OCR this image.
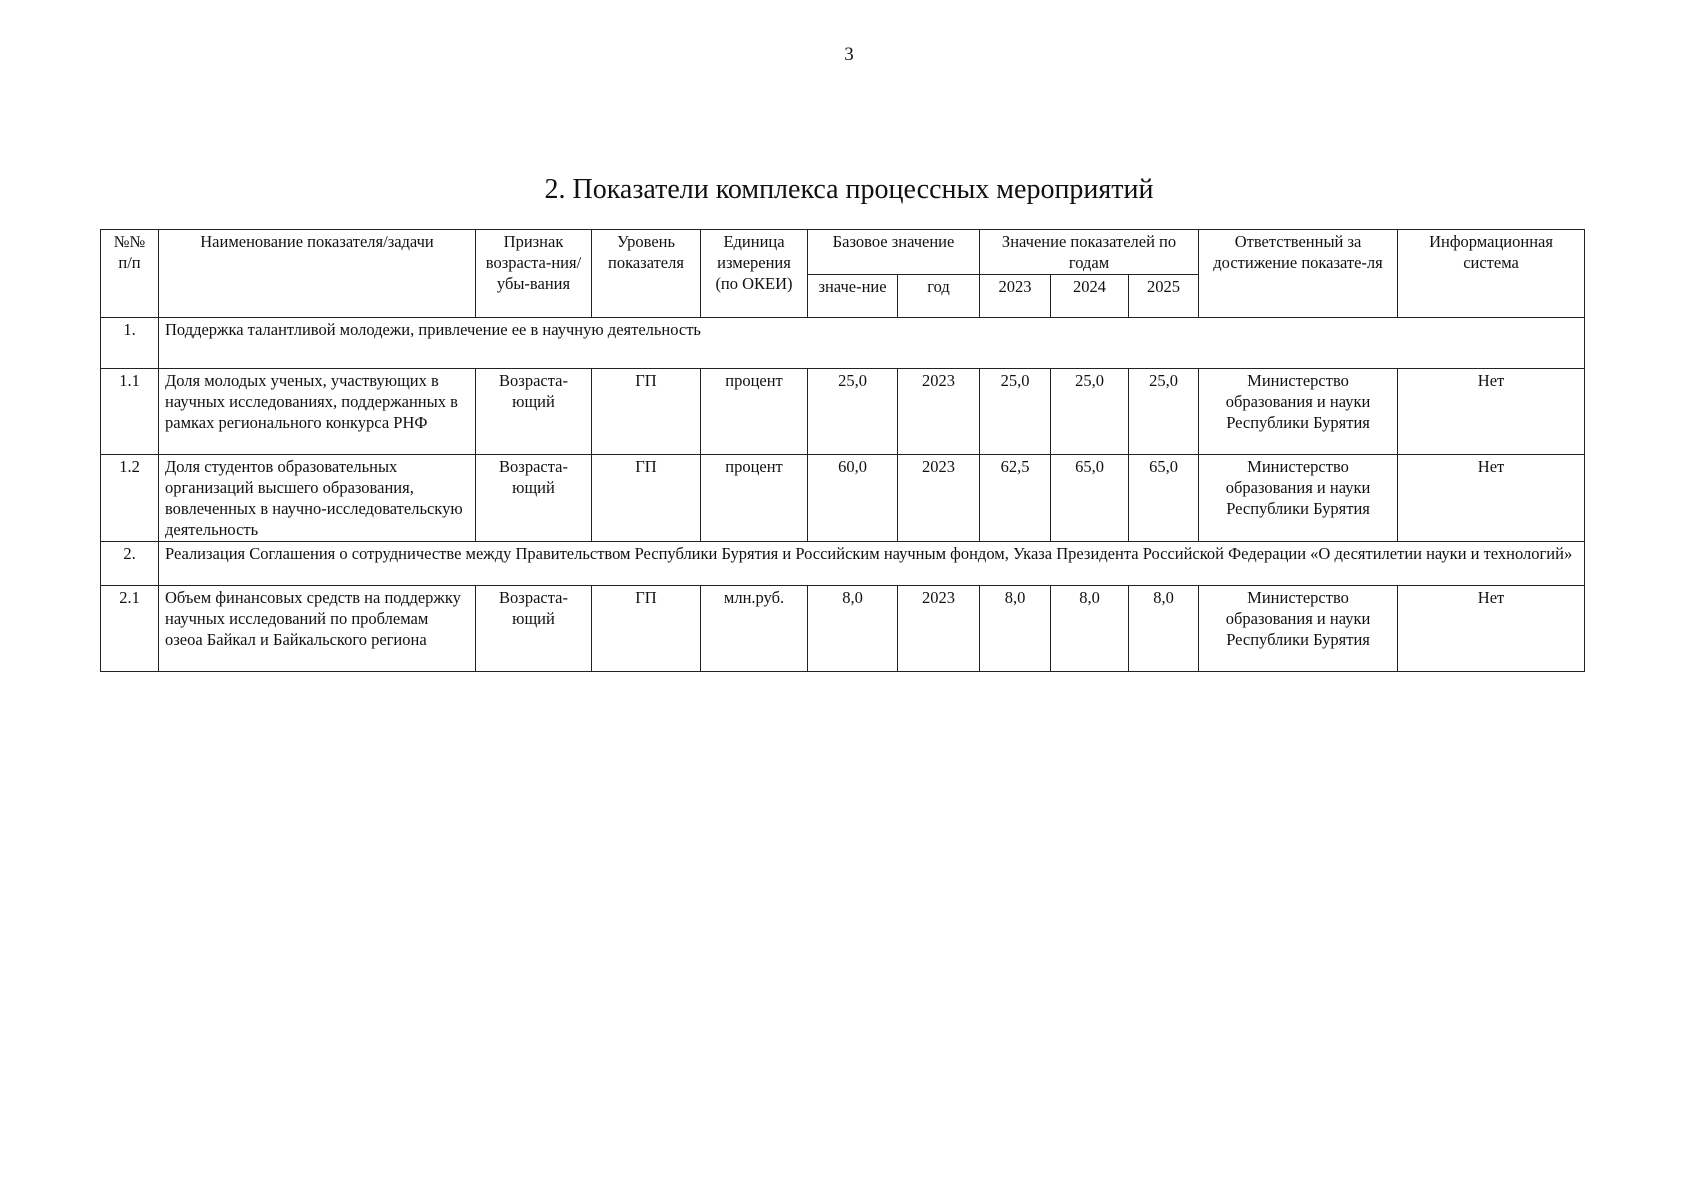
3
2. Показатели комплекса процессных мероприятий
№№ п/п	Наименование показателя/задачи	Признак возраста-ния/ убы-вания	Уровень показателя	Единица измерения (по ОКЕИ)	Базовое значение		Значение показателей по годам			Ответственный за достижение показате-ля	Информационная система
					значе-ние	год	2023	2024	2025		
1.	Поддержка талантливой молодежи, привлечение ее в научную деятельность										
1.1	Доля молодых ученых, участвующих в научных исследованиях, поддержанных в рамках регионального конкурса РНФ	Возраста-ющий	ГП	процент	25,0	2023	25,0	25,0	25,0	Министерство образования и науки Республики Бурятия	Нет
1.2	Доля студентов образовательных организаций высшего образования, вовлеченных в научно-исследовательскую деятельность	Возраста-ющий	ГП	процент	60,0	2023	62,5	65,0	65,0	Министерство образования и науки Республики Бурятия	Нет
2.	Реализация Соглашения о сотрудничестве между Правительством Республики Бурятия и Российским научным фондом, Указа Президента Российской Федерации «О десятилетии науки и технологий»										
2.1	Объем финансовых средств на поддержку научных исследований по проблемам озеоа Байкал и Байкальского региона	Возраста-ющий	ГП	млн.руб.	8,0	2023	8,0	8,0	8,0	Министерство образования и науки Республики Бурятия	Нет
